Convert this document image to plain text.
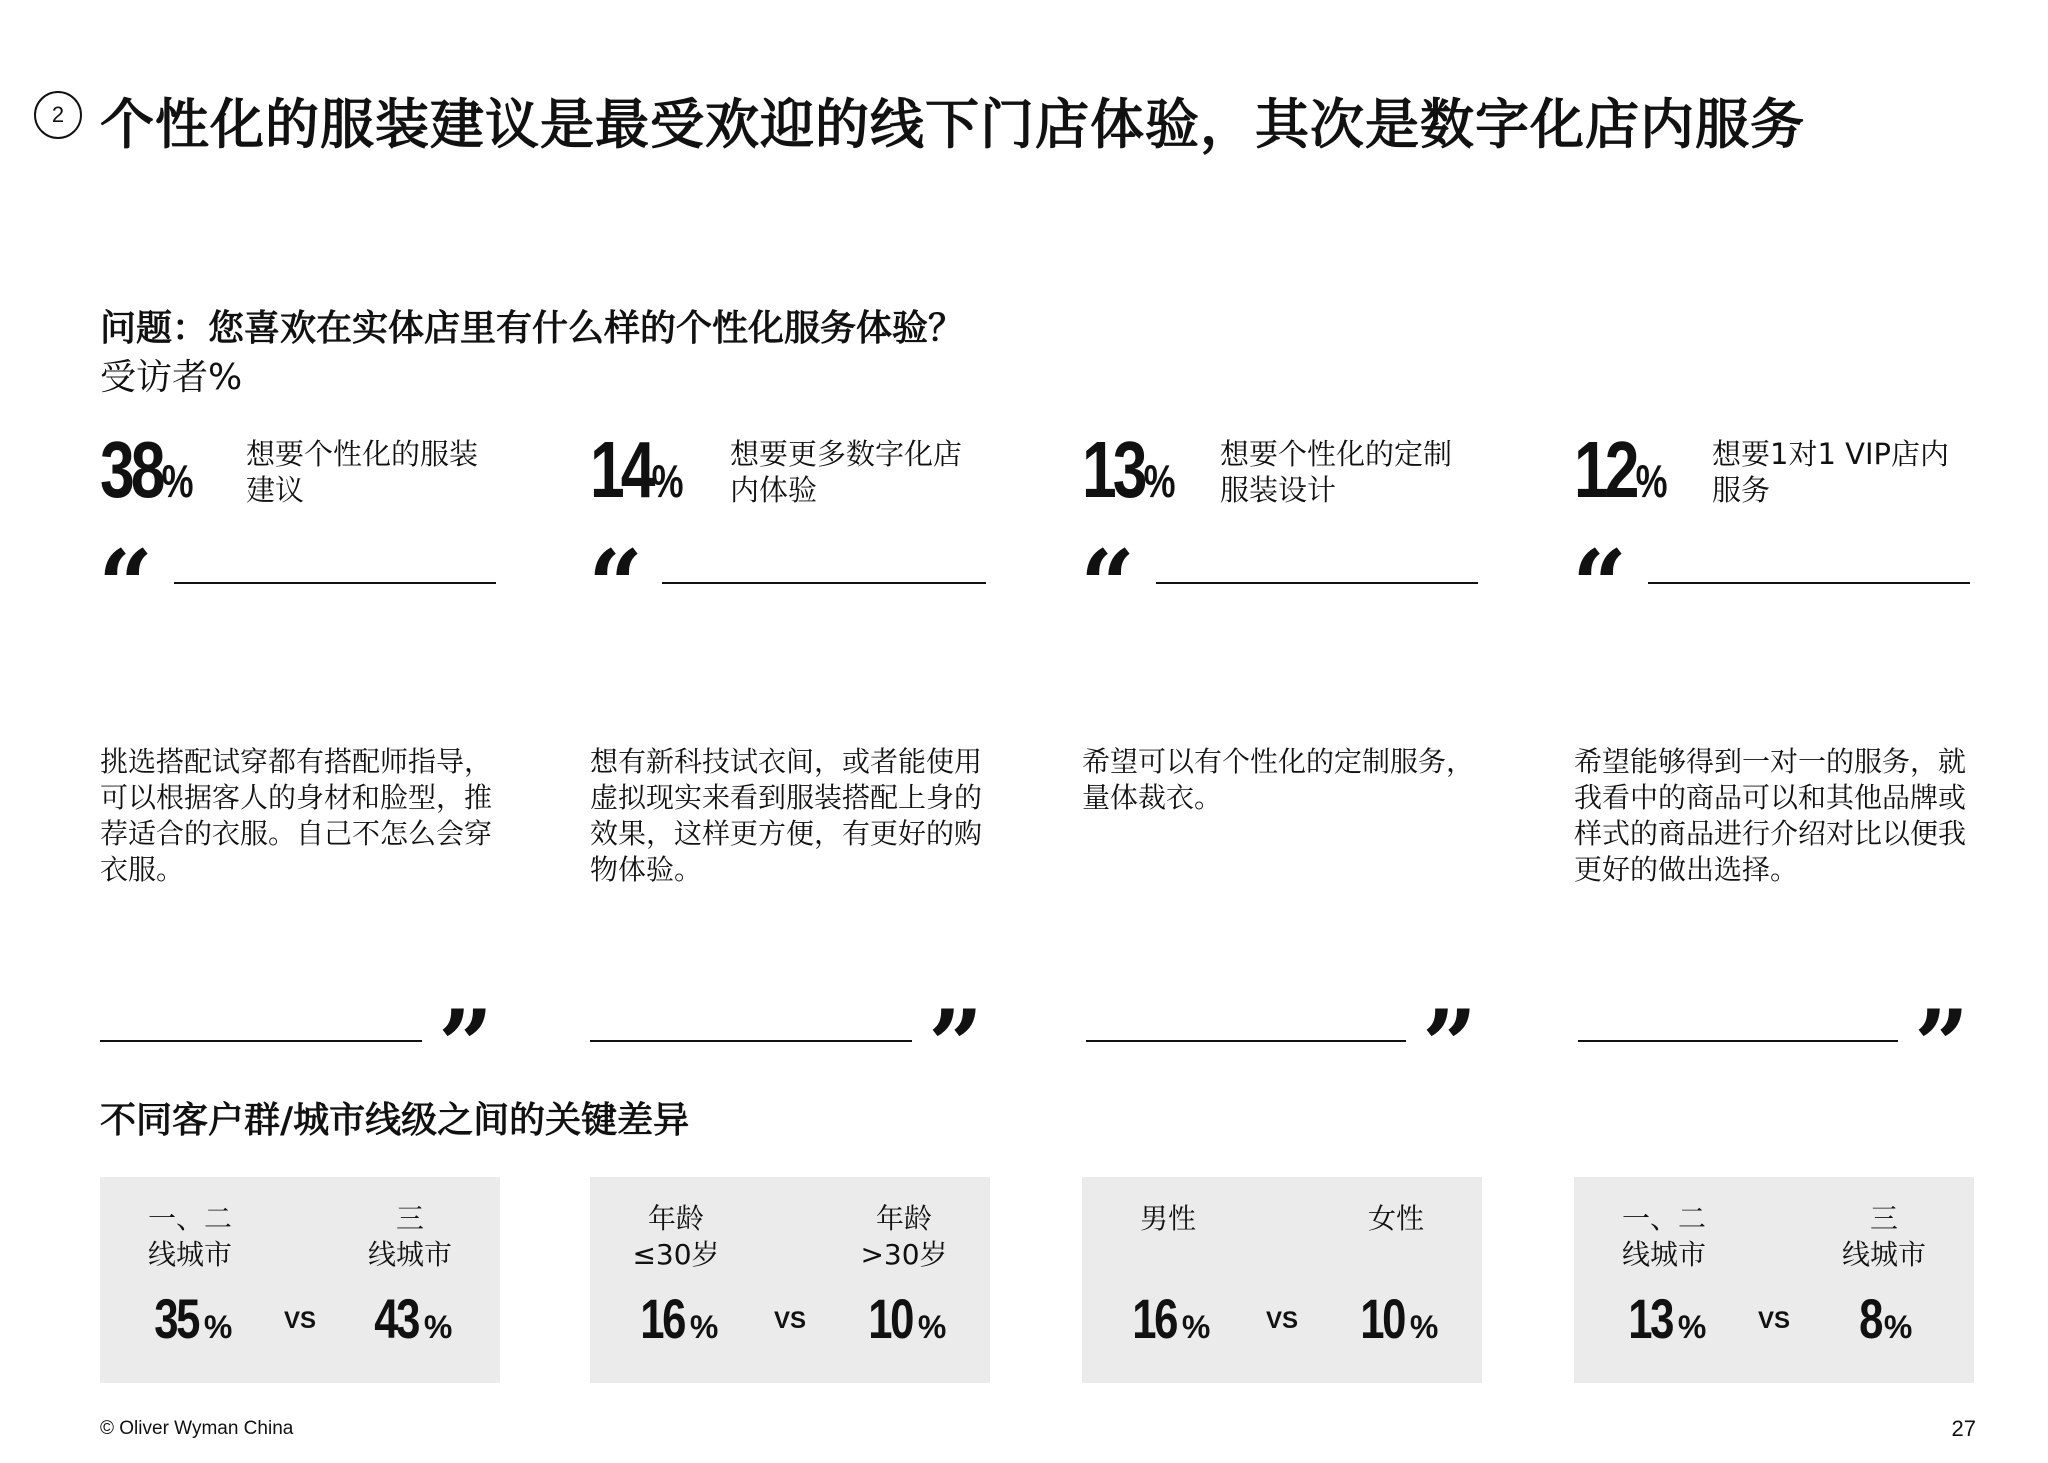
2 个性化的服装建议是最受欢迎的线下门店体验，其次是数字化店内服务
问题：您喜欢在实体店里有什么样的个性化服务体验？
受访者%
38%
想要个性化的服装建议
“
挑选搭配试穿都有搭配师指导，可以根据客人的身材和脸型，推荐适合的衣服。自己不怎么会穿衣服。
”
14%
想要更多数字化店内体验
“
想有新科技试衣间，或者能使用虚拟现实来看到服装搭配上身的效果，这样更方便，有更好的购物体验。
”
13%
想要个性化的定制服装设计
“
希望可以有个性化的定制服务，量体裁衣。
”
12%
想要1对1 VIP店内服务
“
希望能够得到一对一的服务，就我看中的商品可以和其他品牌或样式的商品进行介绍对比以便我更好的做出选择。
”
不同客户群/城市线级之间的关键差异
一、二
线城市
三
线城市
35 %	VS	43 %
年龄
≤30岁
年龄
>30岁
16 %	VS	10 %
男性	女性
16 %	VS	10 %
一、二
线城市
三
线城市
13 %	VS	8%
© Oliver Wyman China	27
